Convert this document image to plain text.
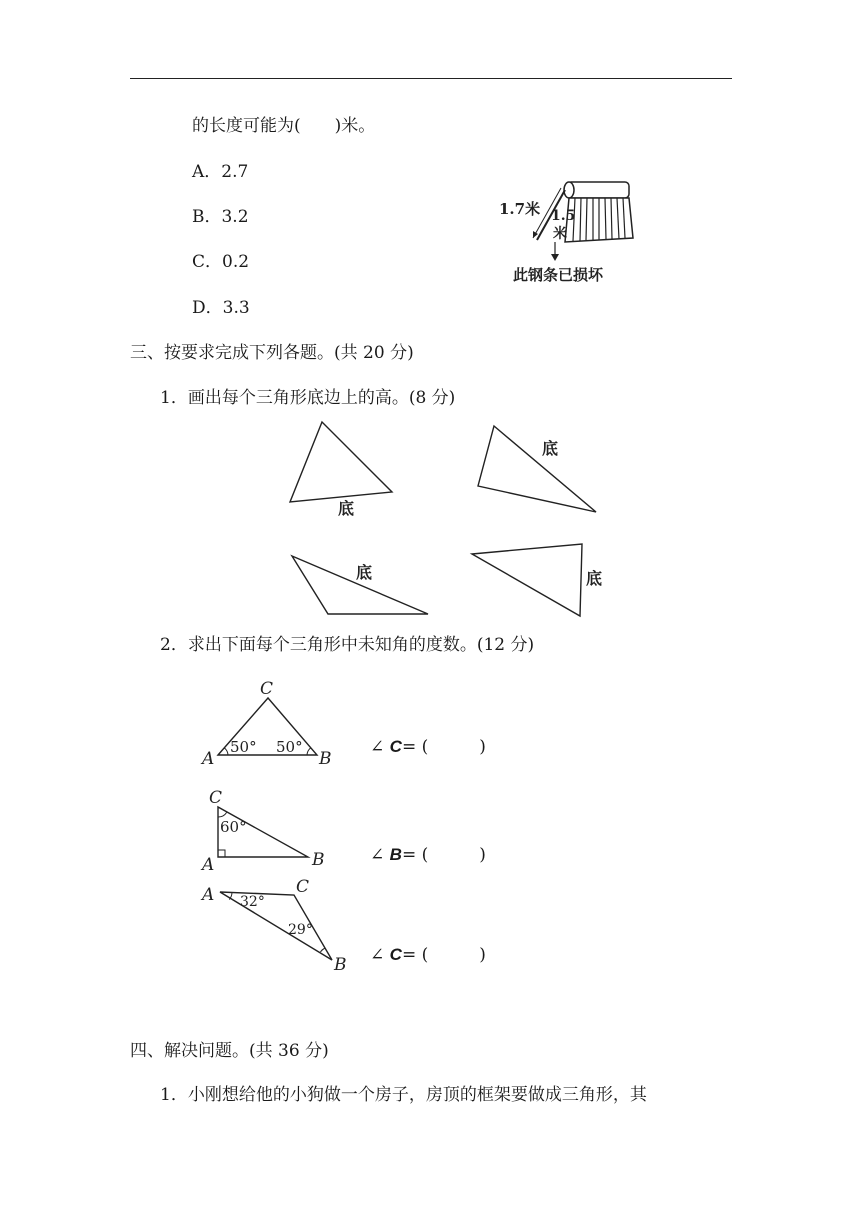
的长度可能为(　　)米。
A．2.7
B．3.2
C．0.2
D．3.3
1.7米 1.5
米
此钢条已损坏
三、按要求完成下列各题。(共 20 分)
1．画出每个三角形底边上的高。(8 分)
底
底
底	底
2．求出下面每个三角形中未知角的度数。(12 分)
C
A	B
50° 50°	∠ C= (　　　)
C
A	B
60°
∠ B= (　　　)
A	C
B
32°
29°
∠ C= (　　　)
四、解决问题。(共 36 分)
1．小刚想给他的小狗做一个房子，房顶的框架要做成三角形，其
